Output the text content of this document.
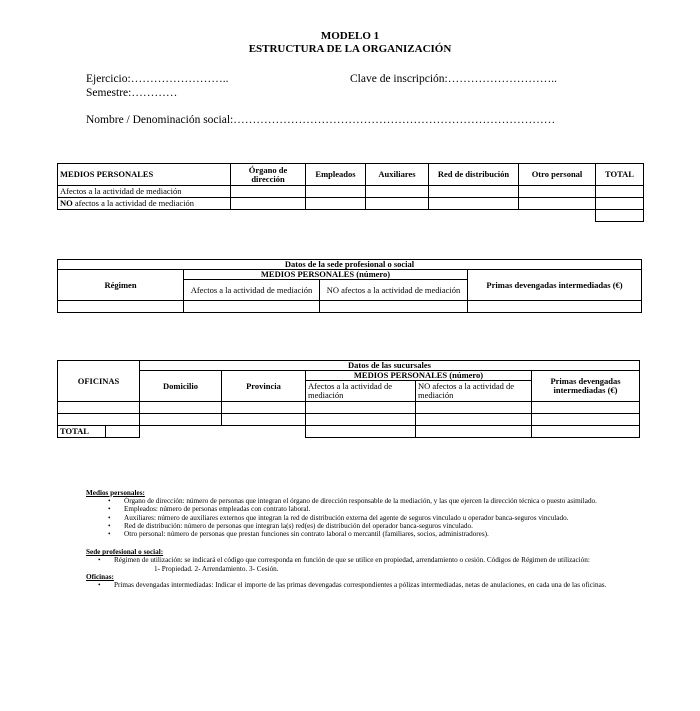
MODELO 1
ESTRUCTURA DE LA ORGANIZACIÓN
Ejercicio:……………………..	Clave de inscripción:………………………..
Semestre:…………
Nombre / Denominación social:…………………………………………………………………………
MEDIOS PERSONALES	Órgano de dirección	Empleados	Auxiliares	Red de distribución	Otro personal	TOTAL
Afectos a la actividad de mediación						
NO afectos a la actividad de mediación						

Datos de la sede profesional o social			
Régimen	MEDIOS PERSONALES (número)		Primas devengadas intermediadas (€)
	Afectos a la actividad de mediación	NO afectos a la actividad de mediación	

OFICINAS		Datos de las sucursales				
		Domicilio	Provincia	MEDIOS PERSONALES (número)		Primas devengadas intermediadas (€)
				Afectos a la actividad de mediación	NO afectos a la actividad de mediación	

TOTAL						
Medios personales:
• Órgano de dirección: número de personas que integran el órgano de dirección responsable de la mediación, y las que ejercen la dirección técnica o puesto asimilado.
• Empleados: número de personas empleadas con contrato laboral.
• Auxiliares: número de auxiliares externos que integran la red de distribución externa del agente de seguros vinculado u operador banca-seguros vinculado.
• Red de distribución: número de personas que integran la(s) red(es) de distribución del operador banca-seguros vinculado.
• Otro personal: número de personas que prestan funciones sin contrato laboral o mercantil (familiares, socios, administradores).
Sede profesional o social:
• Régimen de utilización: se indicará el código que corresponda en función de que se utilice en propiedad, arrendamiento o cesión. Códigos de Régimen de utilización:
1- Propiedad. 2- Arrendamiento. 3- Cesión.
Oficinas:
• Primas devengadas intermediadas: Indicar el importe de las primas devengadas correspondientes a pólizas intermediadas, netas de anulaciones, en cada una de las oficinas.
